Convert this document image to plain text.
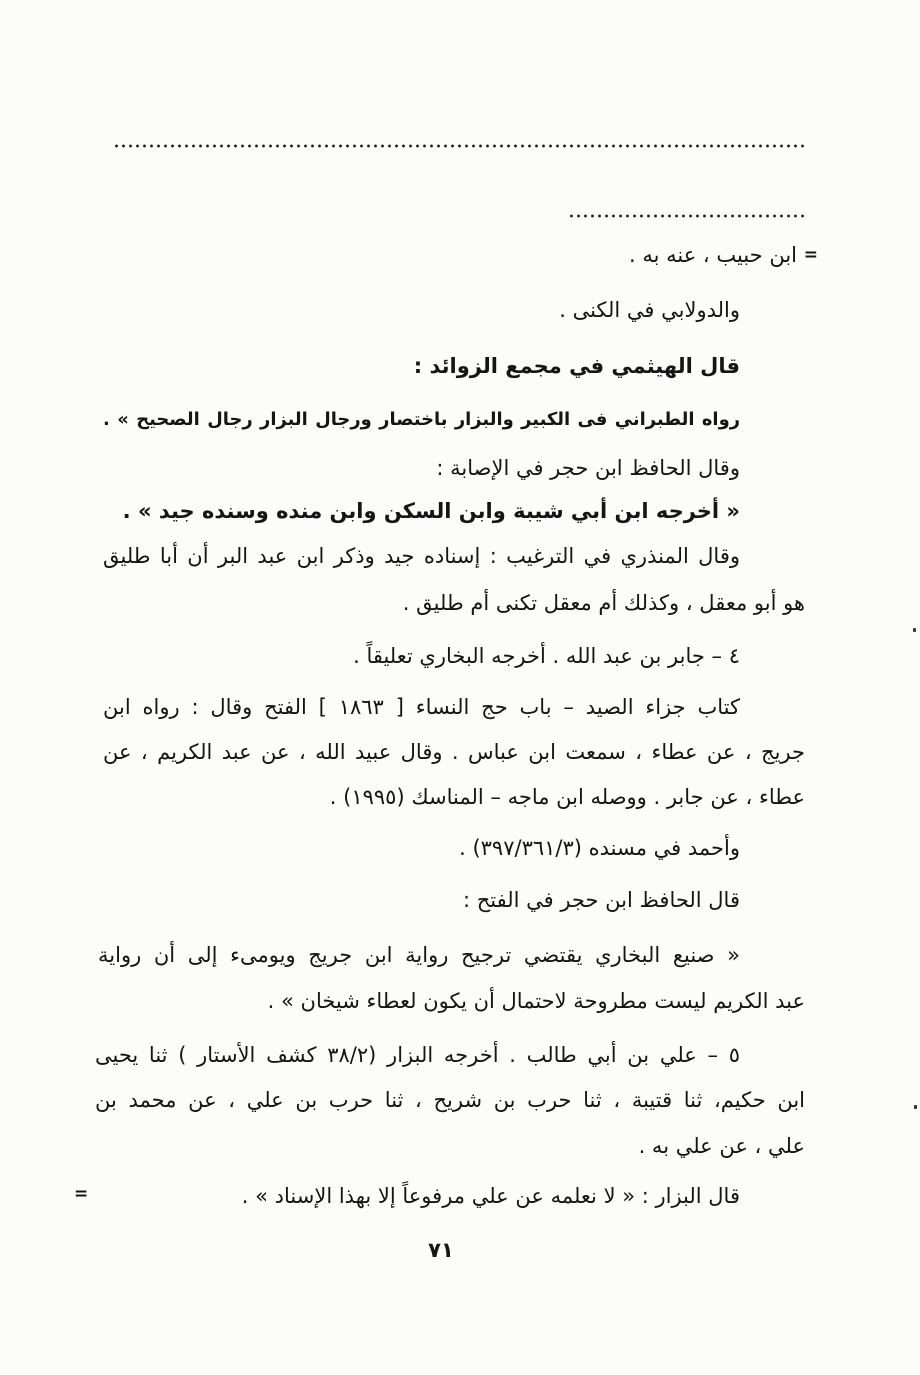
=
ابن حبيب ، عنه به .
والدولابي في الكنى .
قال الهيثمي في مجمع الزوائد :
رواه الطبراني فى الكبير والبزار باختصار ورجال البزار رجال الصحيح » .
وقال الحافظ ابن حجر في الإصابة :
« أخرجه ابن أبي شيبة وابن السكن وابن منده وسنده جيد » .
وقال المنذري في الترغيب : إسناده جيد وذكر ابن عبد البر أن أبا طليق
هو أبو معقل ، وكذلك أم معقل تكنى أم طليق .
٤ – جابر بن عبد الله . أخرجه البخاري تعليقاً .
كتاب جزاء الصيد – باب حج النساء [ ١٨٦٣ ] الفتح وقال : رواه ابن
جريج ، عن عطاء ، سمعت ابن عباس . وقال عبيد الله ، عن عبد الكريم ، عن
عطاء ، عن جابر . ووصله ابن ماجه – المناسك (١٩٩٥) .
وأحمد في مسنده (٣٩٧/٣٦١/٣) .
قال الحافظ ابن حجر في الفتح :
« صنيع البخاري يقتضي ترجيح رواية ابن جريج ويومىء إلى أن رواية
عبد الكريم ليست مطروحة لاحتمال أن يكون لعطاء شيخان » .
٥ – علي بن أبي طالب . أخرجه البزار (٣٨/٢ كشف الأستار ) ثنا يحيى
ابن حكيم، ثنا قتيبة ، ثنا حرب بن شريح ، ثنا حرب بن علي ، عن محمد بن
علي ، عن علي به .
قال البزار : « لا نعلمه عن علي مرفوعاً إلا بهذا الإسناد » .
=
٧١
